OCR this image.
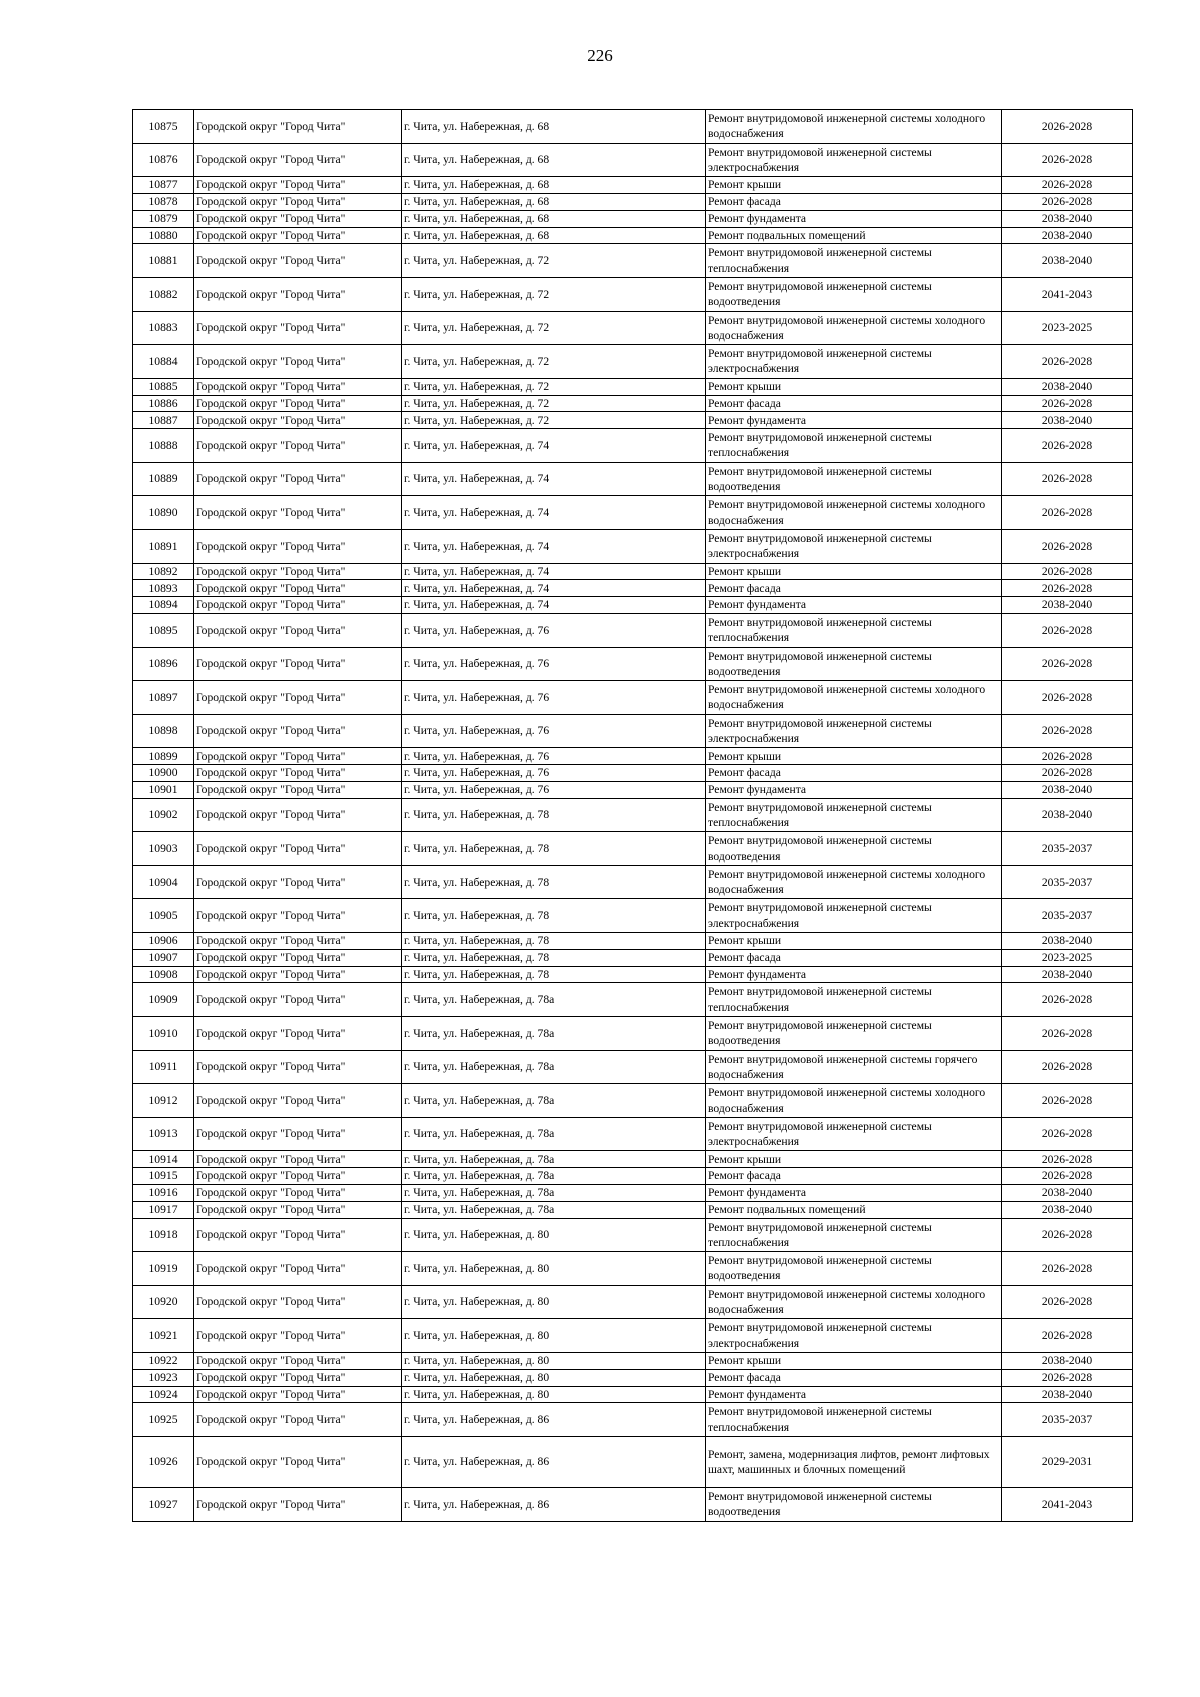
226
10875	Городской округ "Город Чита"	г. Чита, ул. Набережная, д. 68	Ремонт внутридомовой инженерной системы холодного водоснабжения	2026-2028
10876	Городской округ "Город Чита"	г. Чита, ул. Набережная, д. 68	Ремонт внутридомовой инженерной системы электроснабжения	2026-2028
10877	Городской округ "Город Чита"	г. Чита, ул. Набережная, д. 68	Ремонт крыши	2026-2028
10878	Городской округ "Город Чита"	г. Чита, ул. Набережная, д. 68	Ремонт фасада	2026-2028
10879	Городской округ "Город Чита"	г. Чита, ул. Набережная, д. 68	Ремонт фундамента	2038-2040
10880	Городской округ "Город Чита"	г. Чита, ул. Набережная, д. 68	Ремонт подвальных помещений	2038-2040
10881	Городской округ "Город Чита"	г. Чита, ул. Набережная, д. 72	Ремонт внутридомовой инженерной системы теплоснабжения	2038-2040
10882	Городской округ "Город Чита"	г. Чита, ул. Набережная, д. 72	Ремонт внутридомовой инженерной системы водоотведения	2041-2043
10883	Городской округ "Город Чита"	г. Чита, ул. Набережная, д. 72	Ремонт внутридомовой инженерной системы холодного водоснабжения	2023-2025
10884	Городской округ "Город Чита"	г. Чита, ул. Набережная, д. 72	Ремонт внутридомовой инженерной системы электроснабжения	2026-2028
10885	Городской округ "Город Чита"	г. Чита, ул. Набережная, д. 72	Ремонт крыши	2038-2040
10886	Городской округ "Город Чита"	г. Чита, ул. Набережная, д. 72	Ремонт фасада	2026-2028
10887	Городской округ "Город Чита"	г. Чита, ул. Набережная, д. 72	Ремонт фундамента	2038-2040
10888	Городской округ "Город Чита"	г. Чита, ул. Набережная, д. 74	Ремонт внутридомовой инженерной системы теплоснабжения	2026-2028
10889	Городской округ "Город Чита"	г. Чита, ул. Набережная, д. 74	Ремонт внутридомовой инженерной системы водоотведения	2026-2028
10890	Городской округ "Город Чита"	г. Чита, ул. Набережная, д. 74	Ремонт внутридомовой инженерной системы холодного водоснабжения	2026-2028
10891	Городской округ "Город Чита"	г. Чита, ул. Набережная, д. 74	Ремонт внутридомовой инженерной системы электроснабжения	2026-2028
10892	Городской округ "Город Чита"	г. Чита, ул. Набережная, д. 74	Ремонт крыши	2026-2028
10893	Городской округ "Город Чита"	г. Чита, ул. Набережная, д. 74	Ремонт фасада	2026-2028
10894	Городской округ "Город Чита"	г. Чита, ул. Набережная, д. 74	Ремонт фундамента	2038-2040
10895	Городской округ "Город Чита"	г. Чита, ул. Набережная, д. 76	Ремонт внутридомовой инженерной системы теплоснабжения	2026-2028
10896	Городской округ "Город Чита"	г. Чита, ул. Набережная, д. 76	Ремонт внутридомовой инженерной системы водоотведения	2026-2028
10897	Городской округ "Город Чита"	г. Чита, ул. Набережная, д. 76	Ремонт внутридомовой инженерной системы холодного водоснабжения	2026-2028
10898	Городской округ "Город Чита"	г. Чита, ул. Набережная, д. 76	Ремонт внутридомовой инженерной системы электроснабжения	2026-2028
10899	Городской округ "Город Чита"	г. Чита, ул. Набережная, д. 76	Ремонт крыши	2026-2028
10900	Городской округ "Город Чита"	г. Чита, ул. Набережная, д. 76	Ремонт фасада	2026-2028
10901	Городской округ "Город Чита"	г. Чита, ул. Набережная, д. 76	Ремонт фундамента	2038-2040
10902	Городской округ "Город Чита"	г. Чита, ул. Набережная, д. 78	Ремонт внутридомовой инженерной системы теплоснабжения	2038-2040
10903	Городской округ "Город Чита"	г. Чита, ул. Набережная, д. 78	Ремонт внутридомовой инженерной системы водоотведения	2035-2037
10904	Городской округ "Город Чита"	г. Чита, ул. Набережная, д. 78	Ремонт внутридомовой инженерной системы холодного водоснабжения	2035-2037
10905	Городской округ "Город Чита"	г. Чита, ул. Набережная, д. 78	Ремонт внутридомовой инженерной системы электроснабжения	2035-2037
10906	Городской округ "Город Чита"	г. Чита, ул. Набережная, д. 78	Ремонт крыши	2038-2040
10907	Городской округ "Город Чита"	г. Чита, ул. Набережная, д. 78	Ремонт фасада	2023-2025
10908	Городской округ "Город Чита"	г. Чита, ул. Набережная, д. 78	Ремонт фундамента	2038-2040
10909	Городской округ "Город Чита"	г. Чита, ул. Набережная, д. 78а	Ремонт внутридомовой инженерной системы теплоснабжения	2026-2028
10910	Городской округ "Город Чита"	г. Чита, ул. Набережная, д. 78а	Ремонт внутридомовой инженерной системы водоотведения	2026-2028
10911	Городской округ "Город Чита"	г. Чита, ул. Набережная, д. 78а	Ремонт внутридомовой инженерной системы горячего водоснабжения	2026-2028
10912	Городской округ "Город Чита"	г. Чита, ул. Набережная, д. 78а	Ремонт внутридомовой инженерной системы холодного водоснабжения	2026-2028
10913	Городской округ "Город Чита"	г. Чита, ул. Набережная, д. 78а	Ремонт внутридомовой инженерной системы электроснабжения	2026-2028
10914	Городской округ "Город Чита"	г. Чита, ул. Набережная, д. 78а	Ремонт крыши	2026-2028
10915	Городской округ "Город Чита"	г. Чита, ул. Набережная, д. 78а	Ремонт фасада	2026-2028
10916	Городской округ "Город Чита"	г. Чита, ул. Набережная, д. 78а	Ремонт фундамента	2038-2040
10917	Городской округ "Город Чита"	г. Чита, ул. Набережная, д. 78а	Ремонт подвальных помещений	2038-2040
10918	Городской округ "Город Чита"	г. Чита, ул. Набережная, д. 80	Ремонт внутридомовой инженерной системы теплоснабжения	2026-2028
10919	Городской округ "Город Чита"	г. Чита, ул. Набережная, д. 80	Ремонт внутридомовой инженерной системы водоотведения	2026-2028
10920	Городской округ "Город Чита"	г. Чита, ул. Набережная, д. 80	Ремонт внутридомовой инженерной системы холодного водоснабжения	2026-2028
10921	Городской округ "Город Чита"	г. Чита, ул. Набережная, д. 80	Ремонт внутридомовой инженерной системы электроснабжения	2026-2028
10922	Городской округ "Город Чита"	г. Чита, ул. Набережная, д. 80	Ремонт крыши	2038-2040
10923	Городской округ "Город Чита"	г. Чита, ул. Набережная, д. 80	Ремонт фасада	2026-2028
10924	Городской округ "Город Чита"	г. Чита, ул. Набережная, д. 80	Ремонт фундамента	2038-2040
10925	Городской округ "Город Чита"	г. Чита, ул. Набережная, д. 86	Ремонт внутридомовой инженерной системы теплоснабжения	2035-2037
10926	Городской округ "Город Чита"	г. Чита, ул. Набережная, д. 86	Ремонт, замена, модернизация лифтов, ремонт лифтовых шахт, машинных и блочных помещений	2029-2031
10927	Городской округ "Город Чита"	г. Чита, ул. Набережная, д. 86	Ремонт внутридомовой инженерной системы водоотведения	2041-2043
